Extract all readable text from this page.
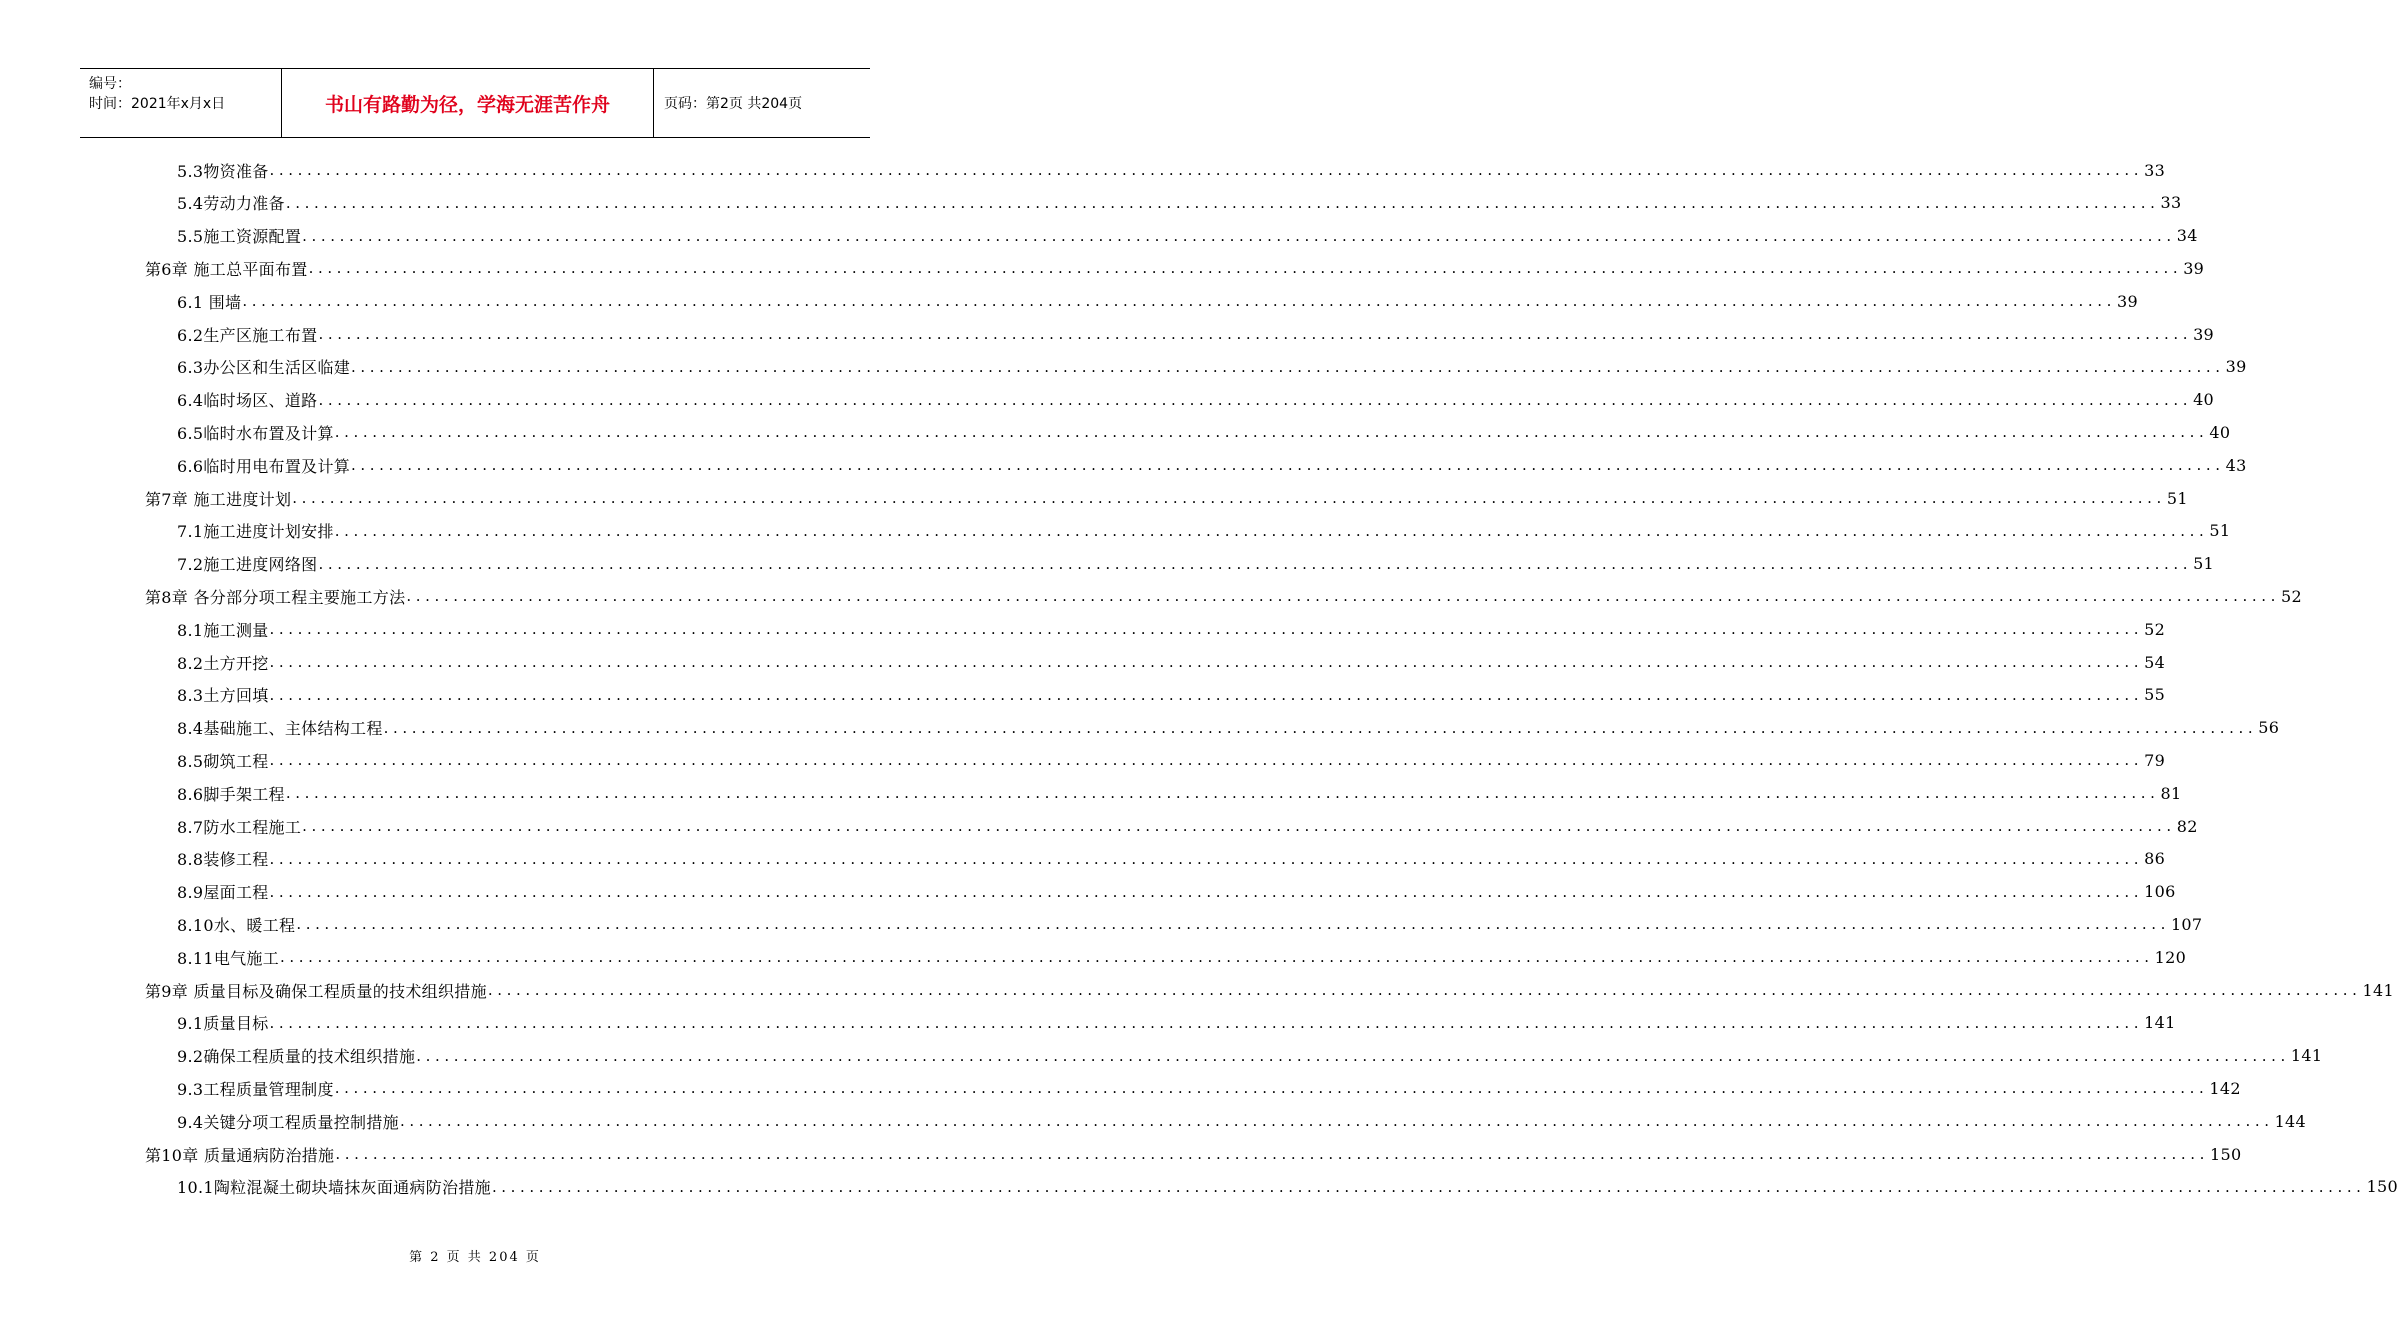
编号：
时间：2021年x月x日	书山有路勤为径，学海无涯苦作舟	页码：第2页 共204页
5.3物资准备 ........................................................................................................................................................................................................ 33
5.4劳动力准备 ........................................................................................................................................................................................................ 33
5.5施工资源配置 ........................................................................................................................................................................................................ 34
第6章 施工总平面布置 ........................................................................................................................................................................................................ 39
6.1 围墙 ........................................................................................................................................................................................................ 39
6.2生产区施工布置 ........................................................................................................................................................................................................ 39
6.3办公区和生活区临建 ........................................................................................................................................................................................................ 39
6.4临时场区、道路 ........................................................................................................................................................................................................ 40
6.5临时水布置及计算 ........................................................................................................................................................................................................ 40
6.6临时用电布置及计算 ........................................................................................................................................................................................................ 43
第7章 施工进度计划 ........................................................................................................................................................................................................ 51
7.1施工进度计划安排 ........................................................................................................................................................................................................ 51
7.2施工进度网络图 ........................................................................................................................................................................................................ 51
第8章 各分部分项工程主要施工方法 ........................................................................................................................................................................................................ 52
8.1施工测量 ........................................................................................................................................................................................................ 52
8.2土方开挖 ........................................................................................................................................................................................................ 54
8.3土方回填 ........................................................................................................................................................................................................ 55
8.4基础施工、主体结构工程 ........................................................................................................................................................................................................ 56
8.5砌筑工程 ........................................................................................................................................................................................................ 79
8.6脚手架工程 ........................................................................................................................................................................................................ 81
8.7防水工程施工 ........................................................................................................................................................................................................ 82
8.8装修工程 ........................................................................................................................................................................................................ 86
8.9屋面工程 ........................................................................................................................................................................................................ 106
8.10水、暖工程 ........................................................................................................................................................................................................ 107
8.11电气施工 ........................................................................................................................................................................................................ 120
第9章 质量目标及确保工程质量的技术组织措施 ........................................................................................................................................................................................................ 141
9.1质量目标 ........................................................................................................................................................................................................ 141
9.2确保工程质量的技术组织措施 ........................................................................................................................................................................................................ 141
9.3工程质量管理制度 ........................................................................................................................................................................................................ 142
9.4关键分项工程质量控制措施 ........................................................................................................................................................................................................ 144
第10章 质量通病防治措施 ........................................................................................................................................................................................................ 150
10.1陶粒混凝土砌块墙抹灰面通病防治措施 ........................................................................................................................................................................................................ 150
第 2 页 共 204 页
